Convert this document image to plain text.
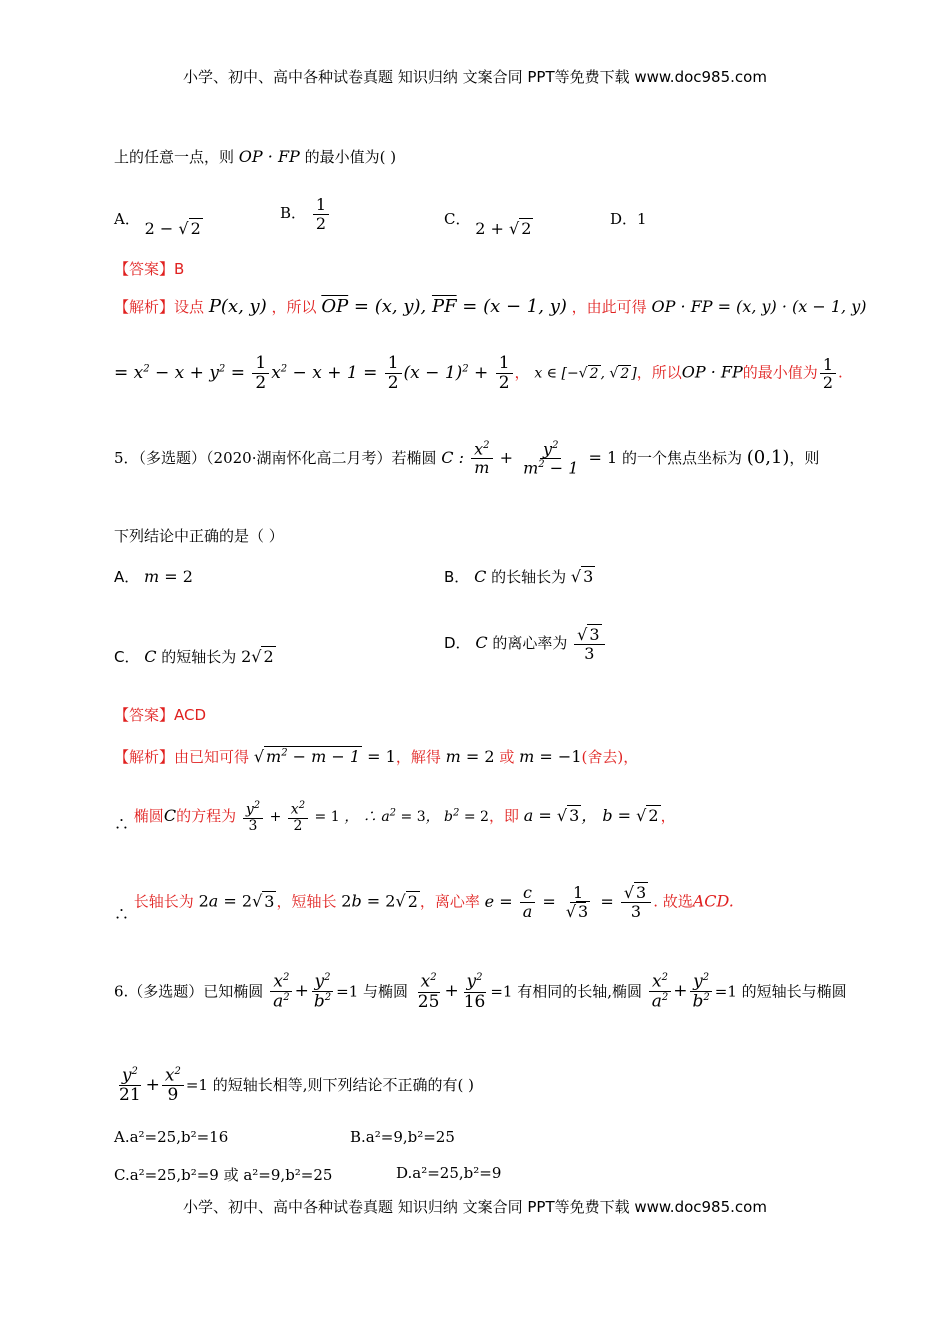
小学、初中、高中各种试卷真题 知识归纳 文案合同 PPT等免费下载 www.doc985.com
上的任意一点，则 OP · FP 的最小值为( )
A． 2 − √ 2
B． $\frac{1}{2}$	C． 2 + √ 2	D．1
【答案】B
【解析】设点 P(x, y) ，所以 $\overline{OP} = (x$, y), $\overline{PF} = (x - 1$, y) ，由此可得 OP · FP = (x, y) · (x − 1, y)
= $x^2 - x + y^2 = \frac{1}{2} x^2 - x + 1 = \frac{1}{2} (x - 1)^2 + \frac{1}{2}$ ， x ∈ [−√ 2 , √ 2 ]，所以OP · FP的最小值为 $\frac{1}{2}$ .
5．（多选题）（2020·湖南怀化高二月考）若椭圆 C : $\frac{x^2}{m} + \frac{y^2}{m^2 - 1} = 1$ 的一个焦点坐标为 (0,1)，则
下列结论中正确的是（ ）
A． m = 2	B． C 的长轴长为 √ 3
C． C 的短轴长为 2√ 2
D． C 的离心率为 $\frac{√ 3}{3}$
【答案】ACD
【解析】由已知可得 √ $m^2 - m - 1 = 1$，解得 m = 2 或 m = −1(舍去)，
∴ 椭圆C的方程为 $\frac{y^2}{3} + \frac{x^2}{2} = 1$ ， ∴ $a^2 = 3$， $b^2 = 2$，即 a = √ 3 ， b = √ 2 ，
∴ 长轴长为 2a = 2√ 3 ，短轴长 2b = 2√ 2 ，离心率 $e = \frac{c}{a} = \frac{1}{√ 3} = \frac{√ 3}{3}$ . 故选ACD.
6.（多选题）已知椭圆 $\frac{x^2}{a^2} + \frac{y^2}{b^2} =1$ 与椭圆 $\frac{x^2}{25} + \frac{y^2}{16} =1$ 有相同的长轴,椭圆 $\frac{x^2}{a^2} + \frac{y^2}{b^2} =1$ 的短轴长与椭圆
$\frac{y^2}{21} + \frac{x^2}{9} =1$ 的短轴长相等,则下列结论不正确的有( )
A.a²=25,b²=16	B.a²=9,b²=25
C.a²=25,b²=9 或 a²=9,b²=25	D.a²=25,b²=9
小学、初中、高中各种试卷真题 知识归纳 文案合同 PPT等免费下载 www.doc985.com
